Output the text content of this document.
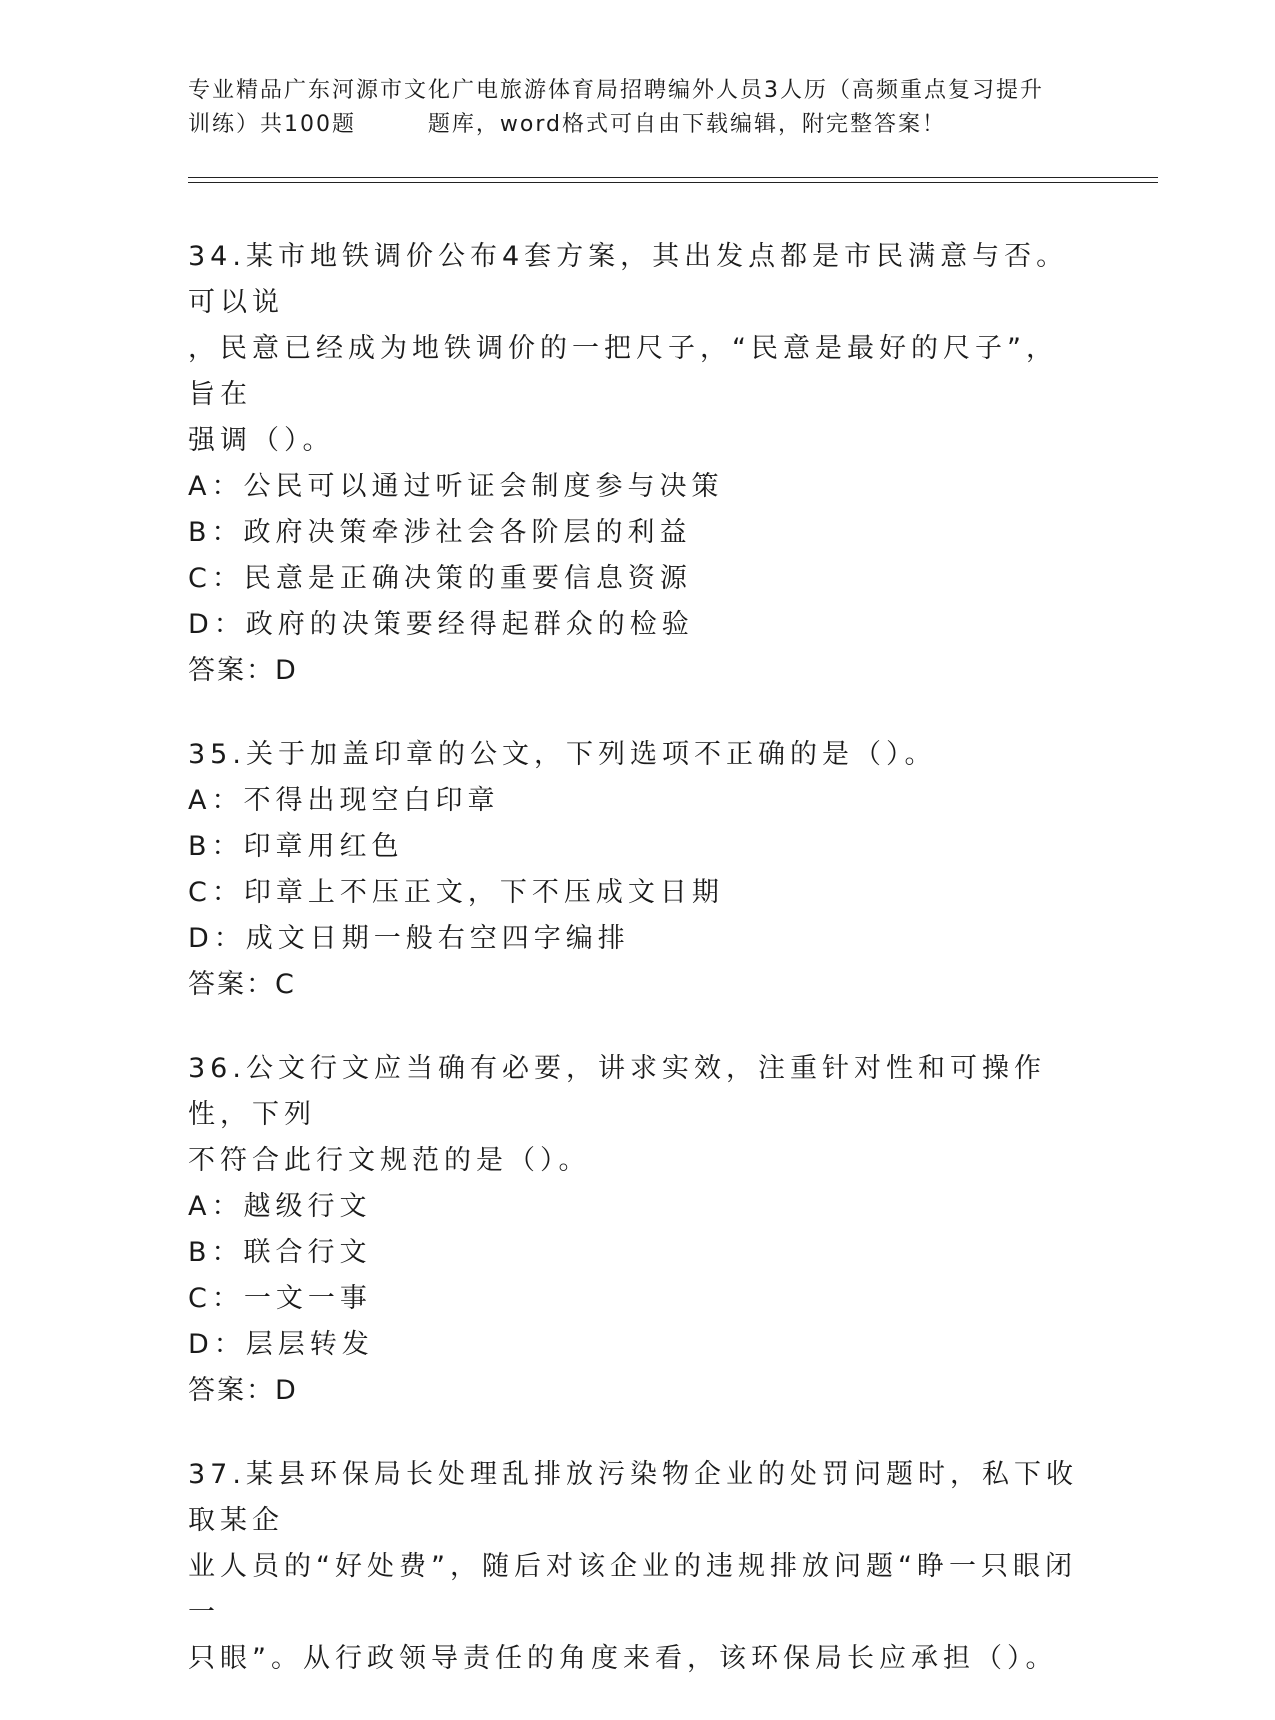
专业精品广东河源市文化广电旅游体育局招聘编外人员3人历（高频重点复习提升
训练）共100题        题库，word格式可自由下载编辑，附完整答案！

34.某市地铁调价公布4套方案，其出发点都是市民满意与否。可以说

，民意已经成为地铁调价的一把尺子，“民意是最好的尺子”，旨在

强调（）。

A：公民可以通过听证会制度参与决策

B：政府决策牵涉社会各阶层的利益

C：民意是正确决策的重要信息资源

D：政府的决策要经得起群众的检验

答案：D

35.关于加盖印章的公文，下列选项不正确的是（）。

A：不得出现空白印章

B：印章用红色

C：印章上不压正文，下不压成文日期

D：成文日期一般右空四字编排

答案：C

36.公文行文应当确有必要，讲求实效，注重针对性和可操作性，下列

不符合此行文规范的是（）。

A：越级行文

B：联合行文

C：一文一事

D：层层转发

答案：D

37.某县环保局长处理乱排放污染物企业的处罚问题时，私下收取某企

业人员的“好处费”，随后对该企业的违规排放问题“睁一只眼闭一

只眼”。从行政领导责任的角度来看，该环保局长应承担（）。
